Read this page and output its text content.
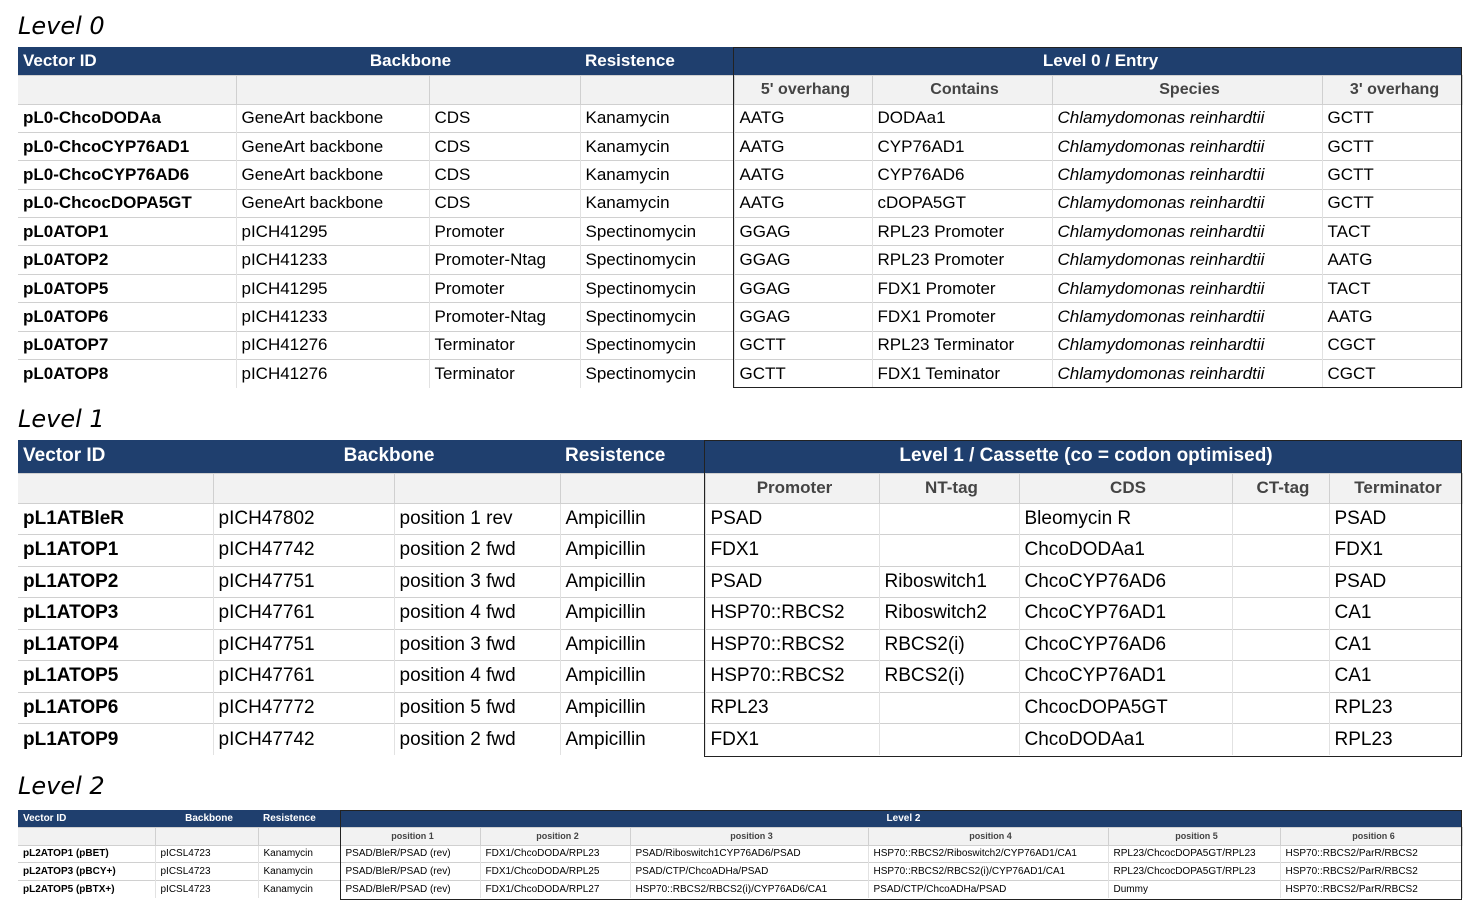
Level 0
Vector ID	Backbone		Resistence	Level 0 / Entry			
				5' overhang	Contains	Species	3' overhang
pL0-ChcoDODAa	GeneArt backbone	CDS	Kanamycin	AATG	DODAa1	Chlamydomonas reinhardtii	GCTT
pL0-ChcoCYP76AD1	GeneArt backbone	CDS	Kanamycin	AATG	CYP76AD1	Chlamydomonas reinhardtii	GCTT
pL0-ChcoCYP76AD6	GeneArt backbone	CDS	Kanamycin	AATG	CYP76AD6	Chlamydomonas reinhardtii	GCTT
pL0-ChcocDOPA5GT	GeneArt backbone	CDS	Kanamycin	AATG	cDOPA5GT	Chlamydomonas reinhardtii	GCTT
pL0ATOP1	pICH41295	Promoter	Spectinomycin	GGAG	RPL23 Promoter	Chlamydomonas reinhardtii	TACT
pL0ATOP2	pICH41233	Promoter-Ntag	Spectinomycin	GGAG	RPL23 Promoter	Chlamydomonas reinhardtii	AATG
pL0ATOP5	pICH41295	Promoter	Spectinomycin	GGAG	FDX1 Promoter	Chlamydomonas reinhardtii	TACT
pL0ATOP6	pICH41233	Promoter-Ntag	Spectinomycin	GGAG	FDX1 Promoter	Chlamydomonas reinhardtii	AATG
pL0ATOP7	pICH41276	Terminator	Spectinomycin	GCTT	RPL23 Terminator	Chlamydomonas reinhardtii	CGCT
pL0ATOP8	pICH41276	Terminator	Spectinomycin	GCTT	FDX1 Teminator	Chlamydomonas reinhardtii	CGCT
Level 1
Vector ID	Backbone		Resistence	Level 1 / Cassette (co = codon optimised)				
				Promoter	NT-tag	CDS	CT-tag	Terminator
pL1ATBleR	pICH47802	position 1 rev	Ampicillin	PSAD		Bleomycin R		PSAD
pL1ATOP1	pICH47742	position 2 fwd	Ampicillin	FDX1		ChcoDODAa1		FDX1
pL1ATOP2	pICH47751	position 3 fwd	Ampicillin	PSAD	Riboswitch1	ChcoCYP76AD6		PSAD
pL1ATOP3	pICH47761	position 4 fwd	Ampicillin	HSP70::RBCS2	Riboswitch2	ChcoCYP76AD1		CA1
pL1ATOP4	pICH47751	position 3 fwd	Ampicillin	HSP70::RBCS2	RBCS2(i)	ChcoCYP76AD6		CA1
pL1ATOP5	pICH47761	position 4 fwd	Ampicillin	HSP70::RBCS2	RBCS2(i)	ChcoCYP76AD1		CA1
pL1ATOP6	pICH47772	position 5 fwd	Ampicillin	RPL23		ChcocDOPA5GT		RPL23
pL1ATOP9	pICH47742	position 2 fwd	Ampicillin	FDX1		ChcoDODAa1		RPL23
Level 2
Vector ID	Backbone	Resistence	Level 2					
			position 1	position 2	position 3	position 4	position 5	position 6
pL2ATOP1 (pBET)	pICSL4723	Kanamycin	PSAD/BleR/PSAD (rev)	FDX1/ChcoDODA/RPL23	PSAD/Riboswitch1CYP76AD6/PSAD	HSP70::RBCS2/Riboswitch2/CYP76AD1/CA1	RPL23/ChcocDOPA5GT/RPL23	HSP70::RBCS2/ParR/RBCS2
pL2ATOP3 (pBCY+)	pICSL4723	Kanamycin	PSAD/BleR/PSAD (rev)	FDX1/ChcoDODA/RPL25	PSAD/CTP/ChcoADHa/PSAD	HSP70::RBCS2/RBCS2(i)/CYP76AD1/CA1	RPL23/ChcocDOPA5GT/RPL23	HSP70::RBCS2/ParR/RBCS2
pL2ATOP5 (pBTX+)	pICSL4723	Kanamycin	PSAD/BleR/PSAD (rev)	FDX1/ChcoDODA/RPL27	HSP70::RBCS2/RBCS2(i)/CYP76AD6/CA1	PSAD/CTP/ChcoADHa/PSAD	Dummy	HSP70::RBCS2/ParR/RBCS2
